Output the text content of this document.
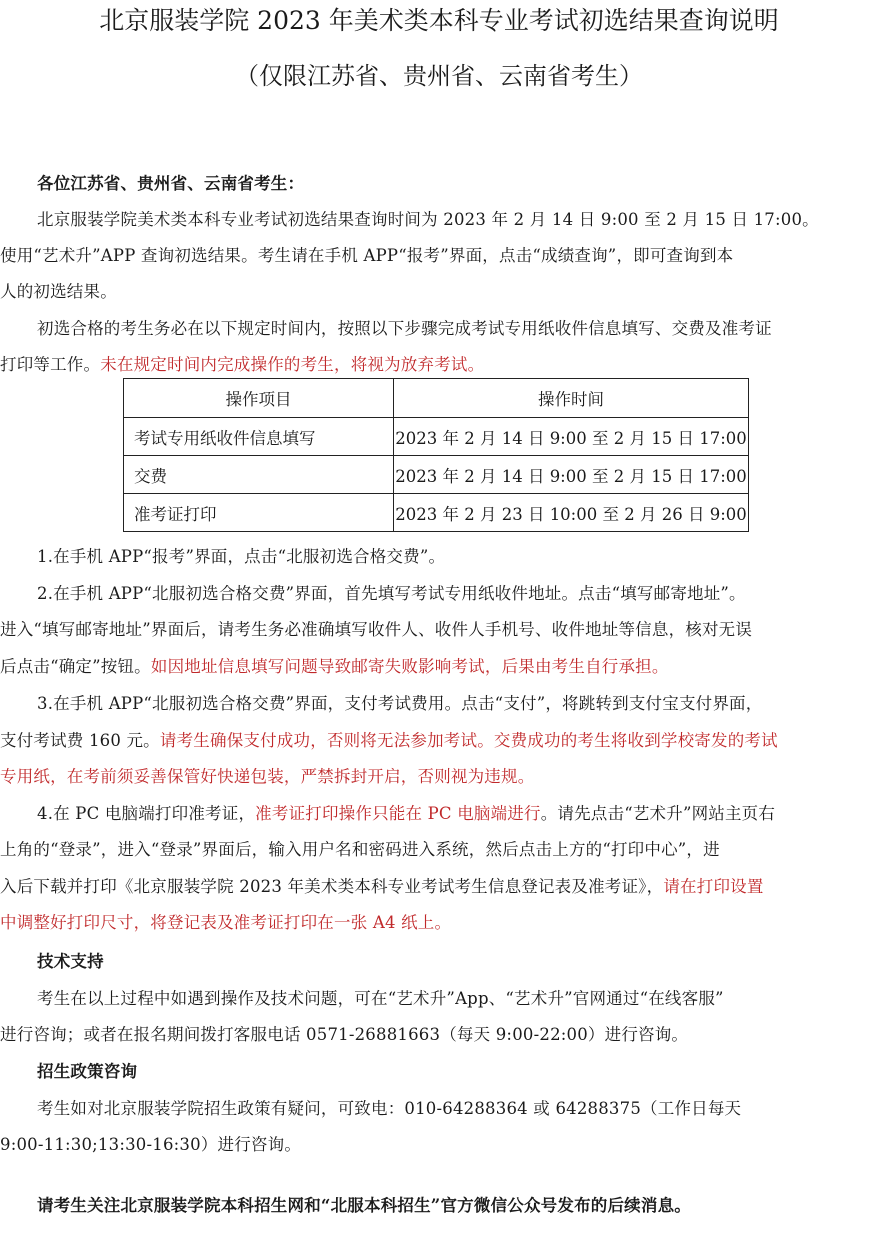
北京服装学院 2023 年美术类本科专业考试初选结果查询说明
（仅限江苏省、贵州省、云南省考生）
各位江苏省、贵州省、云南省考生：
北京服装学院美术类本科专业考试初选结果查询时间为 2023 年 2 月 14 日 9:00 至 2 月 15 日 17:00。
使用“艺术升”APP 查询初选结果。考生请在手机 APP“报考”界面，点击“成绩查询”，即可查询到本
人的初选结果。
初选合格的考生务必在以下规定时间内，按照以下步骤完成考试专用纸收件信息填写、交费及准考证
打印等工作。未在规定时间内完成操作的考生，将视为放弃考试。
操作项目	操作时间
考试专用纸收件信息填写	2023 年 2 月 14 日 9:00 至 2 月 15 日 17:00
交费	2023 年 2 月 14 日 9:00 至 2 月 15 日 17:00
准考证打印	2023 年 2 月 23 日 10:00 至 2 月 26 日 9:00
1.在手机 APP“报考”界面，点击“北服初选合格交费”。
2.在手机 APP“北服初选合格交费”界面，首先填写考试专用纸收件地址。点击“填写邮寄地址”。
进入“填写邮寄地址”界面后，请考生务必准确填写收件人、收件人手机号、收件地址等信息，核对无误
后点击“确定”按钮。如因地址信息填写问题导致邮寄失败影响考试，后果由考生自行承担。
3.在手机 APP“北服初选合格交费”界面，支付考试费用。点击“支付”，将跳转到支付宝支付界面，
支付考试费 160 元。请考生确保支付成功，否则将无法参加考试。交费成功的考生将收到学校寄发的考试
专用纸，在考前须妥善保管好快递包装，严禁拆封开启，否则视为违规。
4.在 PC 电脑端打印准考证，准考证打印操作只能在 PC 电脑端进行。请先点击“艺术升”网站主页右
上角的“登录”，进入“登录”界面后，输入用户名和密码进入系统，然后点击上方的“打印中心”，进
入后下载并打印《北京服装学院 2023 年美术类本科专业考试考生信息登记表及准考证》，请在打印设置
中调整好打印尺寸，将登记表及准考证打印在一张 A4 纸上。
技术支持
考生在以上过程中如遇到操作及技术问题，可在“艺术升”App、“艺术升”官网通过“在线客服”
进行咨询；或者在报名期间拨打客服电话 0571-26881663（每天 9:00-22:00）进行咨询。
招生政策咨询
考生如对北京服装学院招生政策有疑问，可致电：010-64288364 或 64288375（工作日每天
9:00-11:30;13:30-16:30）进行咨询。
请考生关注北京服装学院本科招生网和“北服本科招生”官方微信公众号发布的后续消息。
